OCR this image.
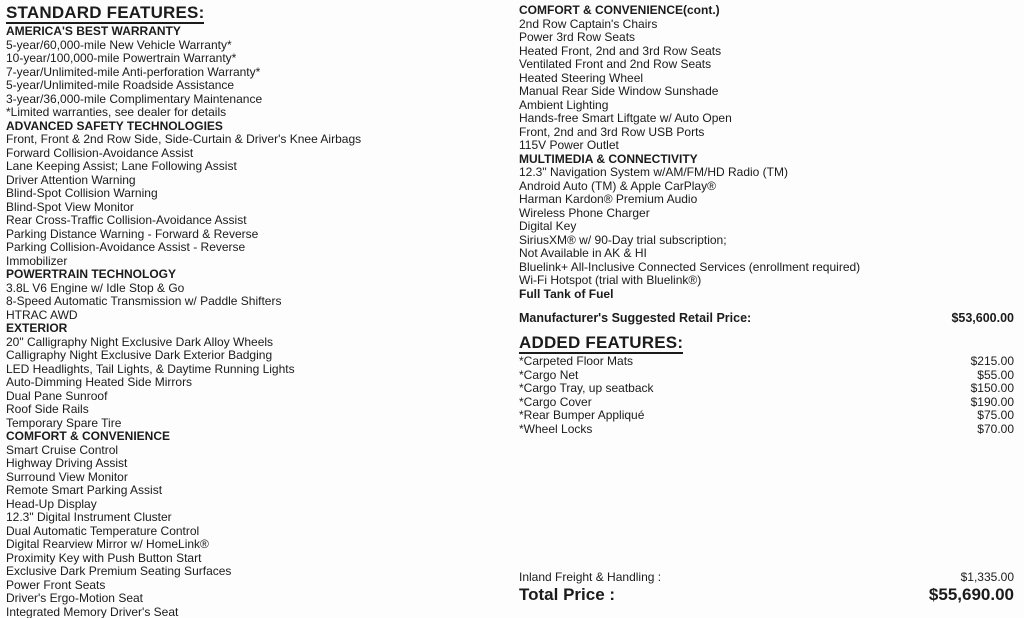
STANDARD FEATURES:
AMERICA'S BEST WARRANTY
5-year/60,000-mile New Vehicle Warranty*
10-year/100,000-mile Powertrain Warranty*
7-year/Unlimited-mile Anti-perforation Warranty*
5-year/Unlimited-mile Roadside Assistance
3-year/36,000-mile Complimentary Maintenance
*Limited warranties, see dealer for details
ADVANCED SAFETY TECHNOLOGIES
Front, Front & 2nd Row Side, Side-Curtain & Driver's Knee Airbags
Forward Collision-Avoidance Assist
Lane Keeping Assist; Lane Following Assist
Driver Attention Warning
Blind-Spot Collision Warning
Blind-Spot View Monitor
Rear Cross-Traffic Collision-Avoidance Assist
Parking Distance Warning - Forward & Reverse
Parking Collision-Avoidance Assist - Reverse
Immobilizer
POWERTRAIN TECHNOLOGY
3.8L V6 Engine w/ Idle Stop & Go
8-Speed Automatic Transmission w/ Paddle Shifters
HTRAC AWD
EXTERIOR
20" Calligraphy Night Exclusive Dark Alloy Wheels
Calligraphy Night Exclusive Dark Exterior Badging
LED Headlights, Tail Lights, & Daytime Running Lights
Auto-Dimming Heated Side Mirrors
Dual Pane Sunroof
Roof Side Rails
Temporary Spare Tire
COMFORT & CONVENIENCE
Smart Cruise Control
Highway Driving Assist
Surround View Monitor
Remote Smart Parking Assist
Head-Up Display
12.3" Digital Instrument Cluster
Dual Automatic Temperature Control
Digital Rearview Mirror w/ HomeLink®
Proximity Key with Push Button Start
Exclusive Dark Premium Seating Surfaces
Power Front Seats
Driver's Ergo-Motion Seat
Integrated Memory Driver's Seat
COMFORT & CONVENIENCE(cont.)
2nd Row Captain's Chairs
Power 3rd Row Seats
Heated Front, 2nd and 3rd Row Seats
Ventilated Front and 2nd Row Seats
Heated Steering Wheel
Manual Rear Side Window Sunshade
Ambient Lighting
Hands-free Smart Liftgate w/ Auto Open
Front, 2nd and 3rd Row USB Ports
115V Power Outlet
MULTIMEDIA & CONNECTIVITY
12.3" Navigation System w/AM/FM/HD Radio (TM)
Android Auto (TM) & Apple CarPlay®
Harman Kardon® Premium Audio
Wireless Phone Charger
Digital Key
SiriusXM® w/ 90-Day trial subscription;
Not Available in AK & HI
Bluelink+ All-Inclusive Connected Services (enrollment required)
Wi-Fi Hotspot (trial with Bluelink®)
Full Tank of Fuel
Manufacturer's Suggested Retail Price:	$53,600.00
ADDED FEATURES:
*Carpeted Floor Mats	$215.00
*Cargo Net	$55.00
*Cargo Tray, up seatback	$150.00
*Cargo Cover	$190.00
*Rear Bumper Appliqué	$75.00
*Wheel Locks	$70.00
Inland Freight & Handling :	$1,335.00
Total Price :	$55,690.00
